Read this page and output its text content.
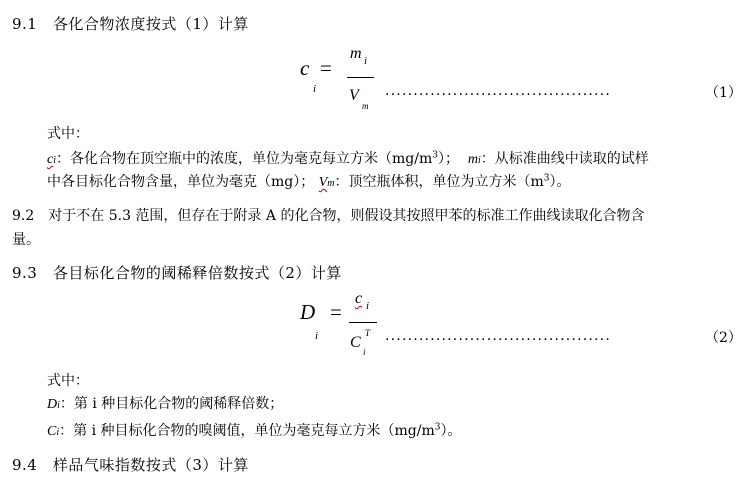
9.1　各化合物浓度按式（1）计算
c
i
=
m i
V
m
........................................	（1）
式中：
ci：各化合物在顶空瓶中的浓度，单位为毫克每立方米$(mg/m^3)$； mi：从标准曲线中读取的试样
中各目标化合物含量，单位为毫克（mg）； Vm：顶空瓶体积，单位为立方米$(m^3)$。
9.2　对于不在 5.3 范围，但存在于附录 A 的化合物，则假设其按照甲苯的标准工作曲线读取化合物含
量。
9.3　各目标化合物的阈稀释倍数按式（2）计算
D
i
=
c i
C
T
i
........................................	（2）
式中：
Di：第 i 种目标化合物的阈稀释倍数；
Ci：第 i 种目标化合物的嗅阈值，单位为毫克每立方米$(mg/m^3)$。
9.4　样品气味指数按式（3）计算
